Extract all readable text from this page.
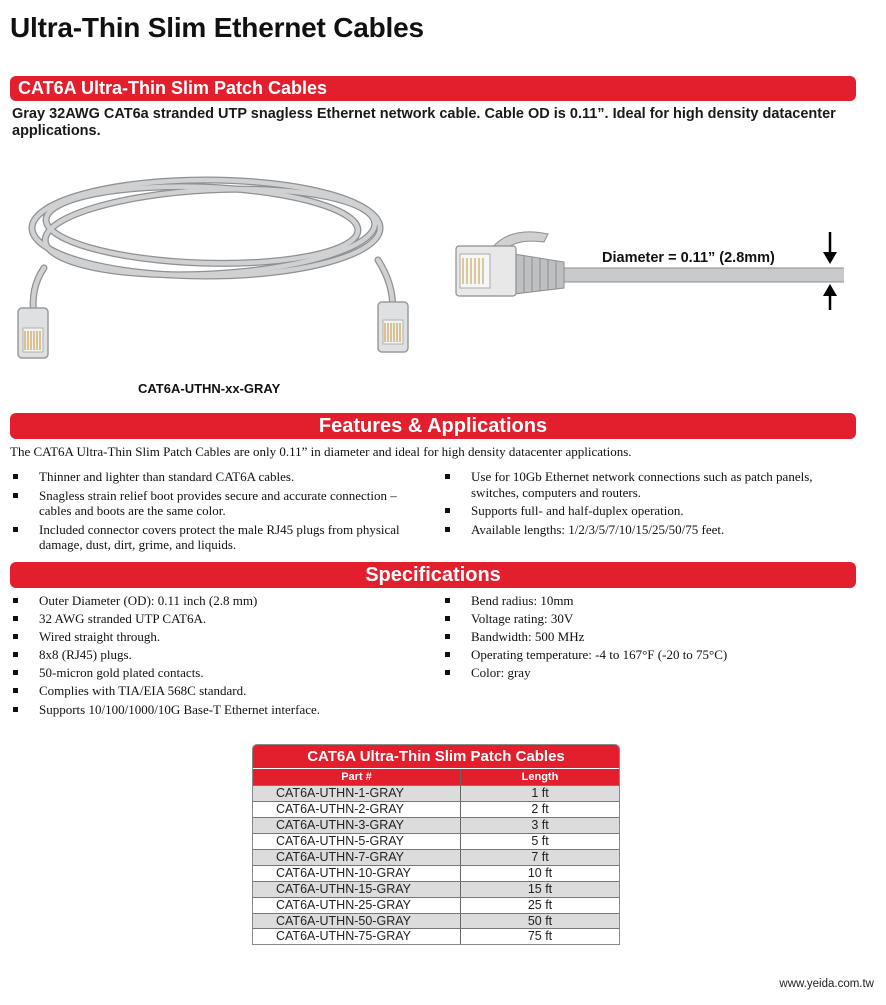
Ultra-Thin Slim Ethernet Cables
CAT6A Ultra-Thin Slim Patch Cables
Gray 32AWG CAT6a stranded UTP snagless Ethernet network cable. Cable OD is 0.11”. Ideal for high density datacenter applications.
CAT6A-UTHN-xx-GRAY
Diameter = 0.11” (2.8mm)
Features & Applications
The CAT6A Ultra-Thin Slim Patch Cables are only 0.11” in diameter and ideal for high density datacenter applications.
Thinner and lighter than standard CAT6A cables.
Snagless strain relief boot provides secure and accurate connection – cables and boots are the same color.
Included connector covers protect the male RJ45 plugs from physical damage, dust, dirt, grime, and liquids.
Use for 10Gb Ethernet network connections such as patch panels, switches, computers and routers.
Supports full- and half-duplex operation.
Available lengths: 1/2/3/5/7/10/15/25/50/75 feet.
Specifications
Outer Diameter (OD): 0.11 inch (2.8 mm)
32 AWG stranded UTP CAT6A.
Wired straight through.
8x8 (RJ45) plugs.
50-micron gold plated contacts.
Complies with TIA/EIA 568C standard.
Supports 10/100/1000/10G Base-T Ethernet interface.
Bend radius: 10mm
Voltage rating: 30V
Bandwidth: 500 MHz
Operating temperature: -4 to 167°F (-20 to 75°C)
Color: gray
CAT6A Ultra-Thin Slim Patch Cables
Part #	Length
CAT6A-UTHN-1-GRAY	1 ft
CAT6A-UTHN-2-GRAY	2 ft
CAT6A-UTHN-3-GRAY	3 ft
CAT6A-UTHN-5-GRAY	5 ft
CAT6A-UTHN-7-GRAY	7 ft
CAT6A-UTHN-10-GRAY	10 ft
CAT6A-UTHN-15-GRAY	15 ft
CAT6A-UTHN-25-GRAY	25 ft
CAT6A-UTHN-50-GRAY	50 ft
CAT6A-UTHN-75-GRAY	75 ft
www.yeida.com.tw
